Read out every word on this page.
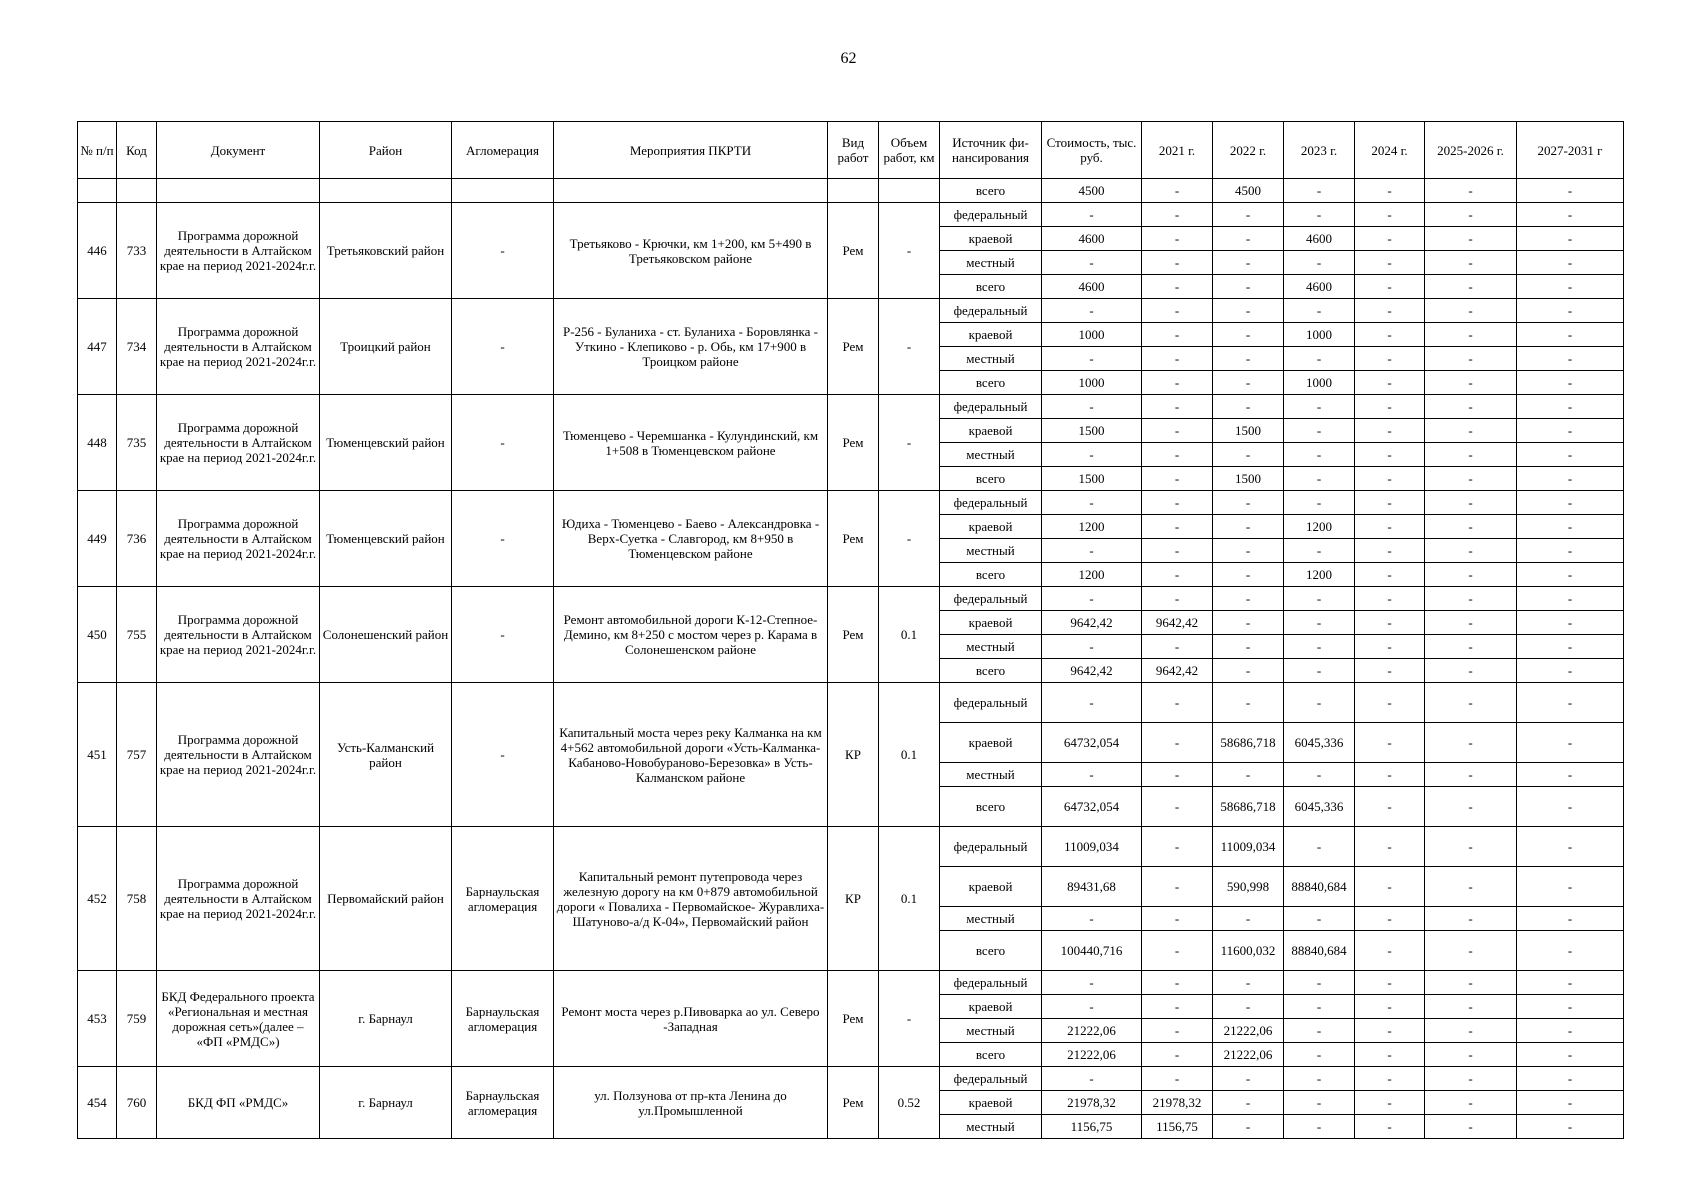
62
№ п/п	Код	Документ	Район	Агломерация	Мероприятия ПКРТИ	Вид работ	Объем работ, км	Источник фи-нансирования	Стоимость, тыс. руб.	2021 г.	2022 г.	2023 г.	2024 г.	2025-2026 г.	2027-2031 г
								всего	4500	-	4500	-	-	-	-
446	733	Программа дорожной деятельности в Алтайском крае на период 2021-2024г.г.	Третьяковский район	-	Третьяково - Крючки, км 1+200, км 5+490 в Третьяковском районе	Рем	-	федеральный	-	-	-	-	-	-	-
								краевой	4600	-	-	4600	-	-	-
								местный	-	-	-	-	-	-	-
								всего	4600	-	-	4600	-	-	-
447	734	Программа дорожной деятельности в Алтайском крае на период 2021-2024г.г.	Троицкий район	-	Р-256 - Буланиха - ст. Буланиха - Боровлянка - Уткино - Клепиково - р. Обь, км 17+900 в Троицком районе	Рем	-	федеральный	-	-	-	-	-	-	-
								краевой	1000	-	-	1000	-	-	-
								местный	-	-	-	-	-	-	-
								всего	1000	-	-	1000	-	-	-
448	735	Программа дорожной деятельности в Алтайском крае на период 2021-2024г.г.	Тюменцевский район	-	Тюменцево - Черемшанка - Кулундинский, км 1+508 в Тюменцевском районе	Рем	-	федеральный	-	-	-	-	-	-	-
								краевой	1500	-	1500	-	-	-	-
								местный	-	-	-	-	-	-	-
								всего	1500	-	1500	-	-	-	-
449	736	Программа дорожной деятельности в Алтайском крае на период 2021-2024г.г.	Тюменцевский район	-	Юдиха - Тюменцево - Баево - Александровка - Верх-Суетка - Славгород, км 8+950 в Тюменцевском районе	Рем	-	федеральный	-	-	-	-	-	-	-
								краевой	1200	-	-	1200	-	-	-
								местный	-	-	-	-	-	-	-
								всего	1200	-	-	1200	-	-	-
450	755	Программа дорожной деятельности в Алтайском крае на период 2021-2024г.г.	Солонешенский район	-	Ремонт автомобильной дороги К-12-Степное-Демино, км 8+250 с мостом через р. Карама в Солонешенском районе	Рем	0.1	федеральный	-	-	-	-	-	-	-
								краевой	9642,42	9642,42	-	-	-	-	-
								местный	-	-	-	-	-	-	-
								всего	9642,42	9642,42	-	-	-	-	-
451	757	Программа дорожной деятельности в Алтайском крае на период 2021-2024г.г.	Усть-Калманский район	-	Капитальный моста через реку Калманка на км 4+562 автомобильной дороги «Усть-Калманка-Кабаново-Новобураново-Березовка» в Усть-Калманском районе	КР	0.1	федеральный	-	-	-	-	-	-	-
								краевой	64732,054	-	58686,718	6045,336	-	-	-
								местный	-	-	-	-	-	-	-
								всего	64732,054	-	58686,718	6045,336	-	-	-
452	758	Программа дорожной деятельности в Алтайском крае на период 2021-2024г.г.	Первомайский район	Барнаульская агломерация	Капитальный ремонт путепровода через железную дорогу на км 0+879 автомобильной дороги « Повалиха - Первомайское- Журавлиха-Шатуново-а/д К-04», Первомайский район	КР	0.1	федеральный	11009,034	-	11009,034	-	-	-	-
								краевой	89431,68	-	590,998	88840,684	-	-	-
								местный	-	-	-	-	-	-	-
								всего	100440,716	-	11600,032	88840,684	-	-	-
453	759	БКД Федерального проекта «Региональная и местная дорожная сеть»(далее – «ФП «РМДС»)	г. Барнаул	Барнаульская агломерация	Ремонт моста через р.Пивоварка ао ул. Северо -Западная	Рем	-	федеральный	-	-	-	-	-	-	-
								краевой	-	-	-	-	-	-	-
								местный	21222,06	-	21222,06	-	-	-	-
								всего	21222,06	-	21222,06	-	-	-	-
454	760	БКД ФП «РМДС»	г. Барнаул	Барнаульская агломерация	ул. Ползунова от пр-кта Ленина до ул.Промышленной	Рем	0.52	федеральный	-	-	-	-	-	-	-
								краевой	21978,32	21978,32	-	-	-	-	-
								местный	1156,75	1156,75	-	-	-	-	-
